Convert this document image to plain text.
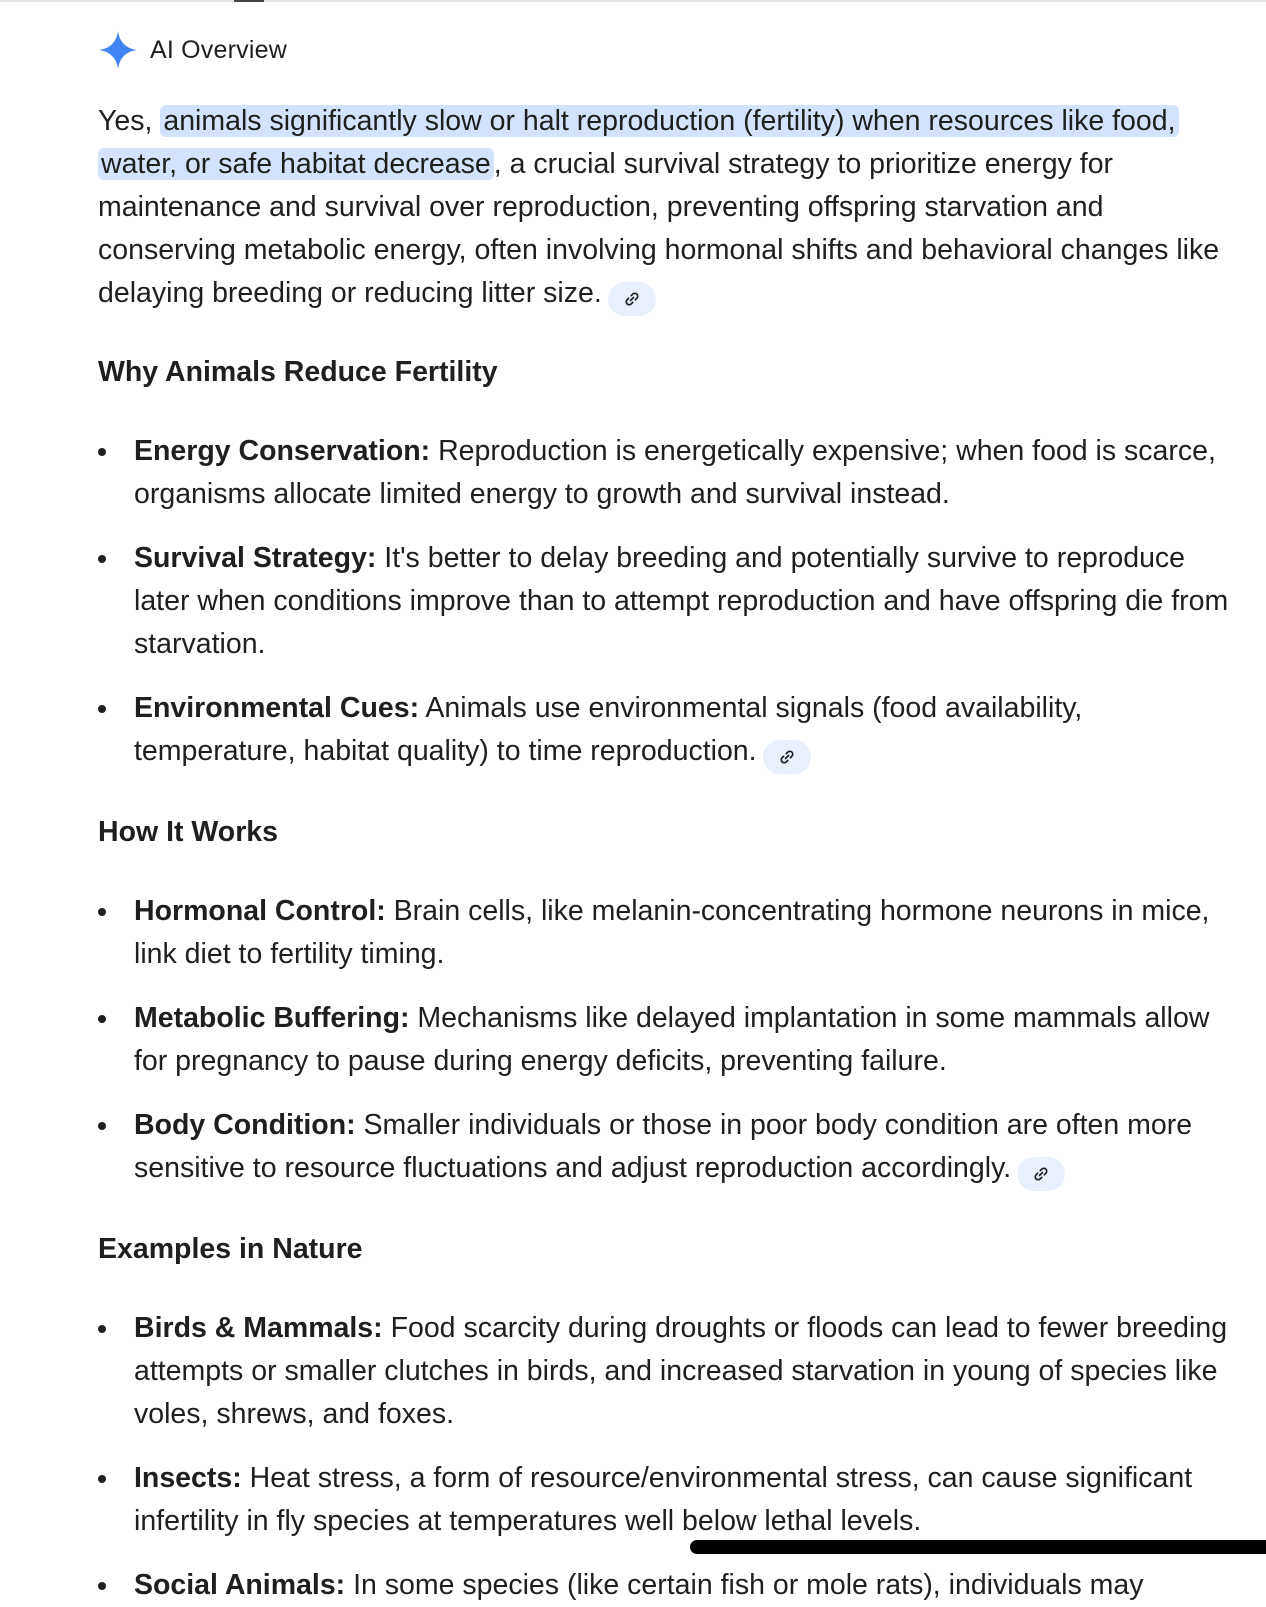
AI Overview

Yes, animals significantly slow or halt reproduction (fertility) when resources like food, water, or safe habitat decrease , a crucial survival strategy to prioritize energy for maintenance and survival over reproduction, preventing offspring starvation and conserving metabolic energy, often involving hormonal shifts and behavioral changes like delaying breeding or reducing litter size.

Why Animals Reduce Fertility
Energy Conservation: Reproduction is energetically expensive; when food is scarce, organisms allocate limited energy to growth and survival instead.
Survival Strategy: It's better to delay breeding and potentially survive to reproduce later when conditions improve than to attempt reproduction and have offspring die from starvation.
Environmental Cues: Animals use environmental signals (food availability, temperature, habitat quality) to time reproduction.
How It Works
Hormonal Control: Brain cells, like melanin-concentrating hormone neurons in mice, link diet to fertility timing.
Metabolic Buffering: Mechanisms like delayed implantation in some mammals allow for pregnancy to pause during energy deficits, preventing failure.
Body Condition: Smaller individuals or those in poor body condition are often more sensitive to resource fluctuations and adjust reproduction accordingly.
Examples in Nature
Birds & Mammals: Food scarcity during droughts or floods can lead to fewer breeding attempts or smaller clutches in birds, and increased starvation in young of species like voles, shrews, and foxes.
Insects: Heat stress, a form of resource/environmental stress, can cause significant infertility in fly species at temperatures well below lethal levels.
Social Animals: In some species (like certain fish or mole rats), individuals may
